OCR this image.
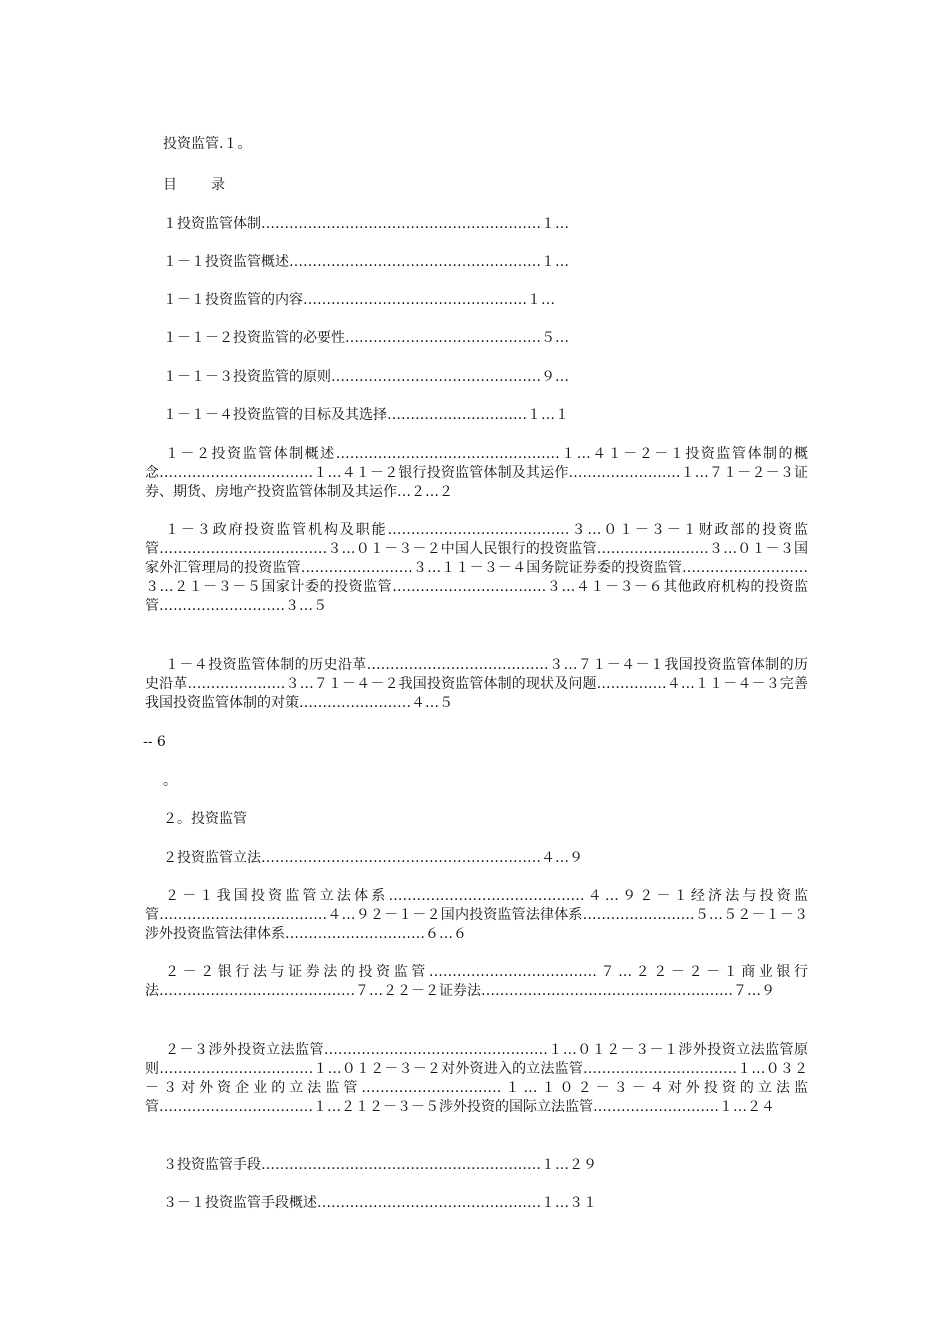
投资监管.１。
目 录
１投资监管体制……………………………………………………１…
１－１投资监管概述………………………………………………１…
１－１投资监管的内容…………………………………………１…
１－１－２投资监管的必要性……………………………………５…
１－１－３投资监管的原则………………………………………９…
１－１－４投资监管的目标及其选择…………………………１…１
１－２投资监管体制概述…………………………………………１…４１－２－１投资监管体制的概念……………………………１…４１－２银行投资监管体制及其运作……………………１…７１－２－３证券、期货、房地产投资监管体制及其运作…２…２
１－３政府投资监管机构及职能…………………………………３…０１－３－１财政部的投资监管………………………………３…０１－３－２中国人民银行的投资监管……………………３…０１－３国家外汇管理局的投资监管……………………３…１１－３－４国务院证券委的投资监管………………………３…２１－３－５国家计委的投资监管……………………………３…４１－３－６其他政府机构的投资监管………………………３…５
１－４投资监管体制的历史沿革…………………………………３…７１－４－１我国投资监管体制的历史沿革…………………３…７１－４－２我国投资监管体制的现状及问题……………４…１１－４－３完善我国投资监管体制的对策……………………４…５
-- 6
。
２。投资监管
２投资监管立法……………………………………………………４…９
２－１我国投资监管立法体系……………………………………４…９２－１经济法与投资监管………………………………４…９２－１－２国内投资监管法律体系……………………５…５２－１－３涉外投资监管法律体系…………………………６…６
２－２银行法与证券法的投资监管………………………………７…２２－２－１商业银行法……………………………………７…２２－２证券法………………………………………………７…９
２－３涉外投资立法监管…………………………………………１…０１２－３－１涉外投资立法监管原则……………………………１…０１２－３－２对外资进入的立法监管……………………………１…０３２－３对外资企业的立法监管…………………………１…１０２－３－４对外投资的立法监管……………………………１…２１２－３－５涉外投资的国际立法监管………………………１…２４
３投资监管手段……………………………………………………１…２９
３－１投资监管手段概述…………………………………………１…３１
